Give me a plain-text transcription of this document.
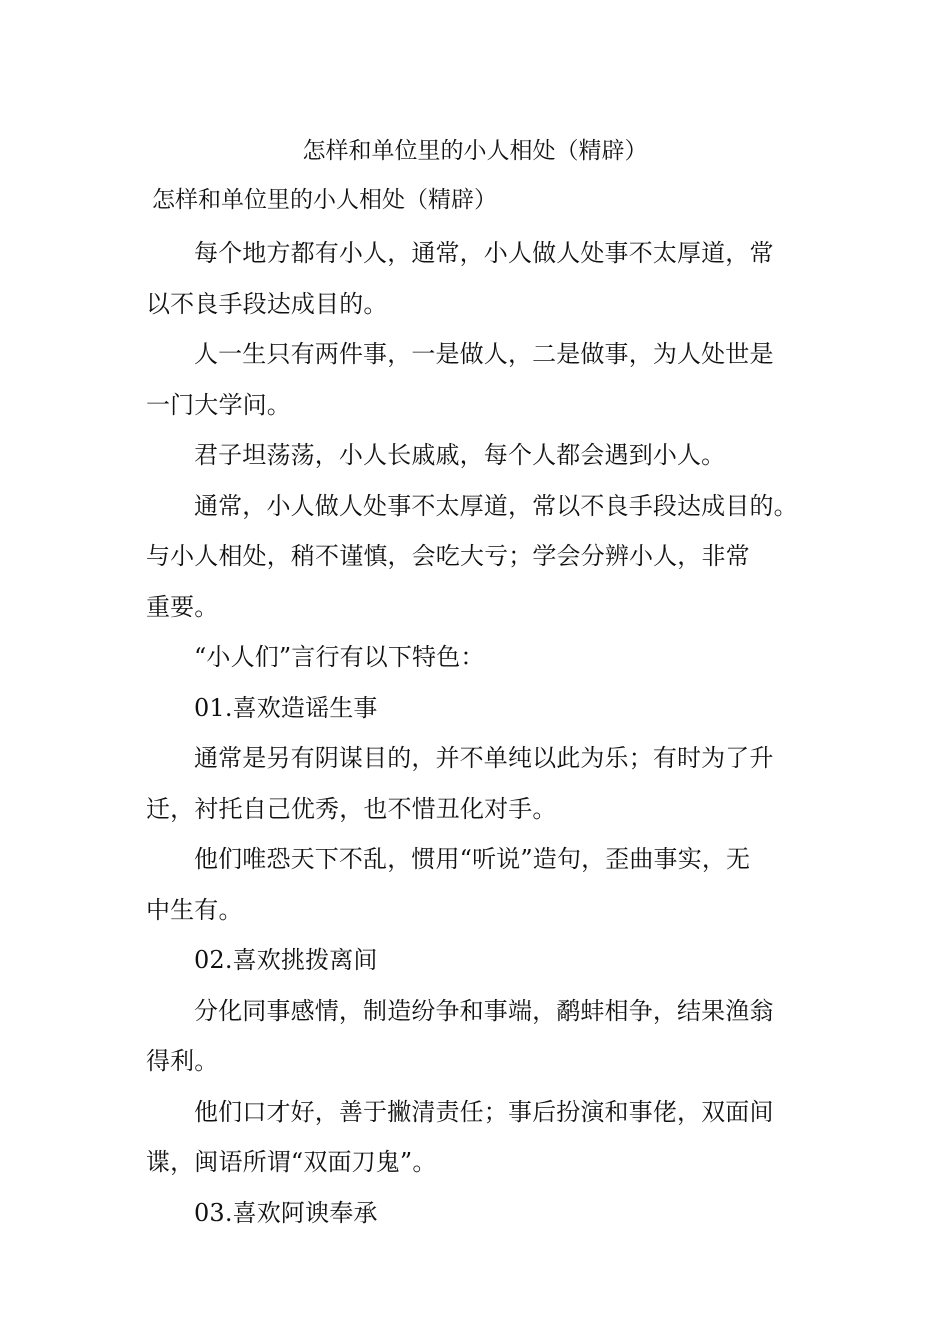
怎样和单位里的小人相处（精辟）

怎样和单位里的小人相处（精辟）

每个地方都有小人，通常，小人做人处事不太厚道，常
以不良手段达成目的。
人一生只有两件事，一是做人，二是做事，为人处世是
一门大学问。
君子坦荡荡，小人长戚戚，每个人都会遇到小人。
通常，小人做人处事不太厚道，常以不良手段达成目的。
与小人相处，稍不谨慎，会吃大亏；学会分辨小人，非常
重要。
“小人们”言行有以下特色：
01.喜欢造谣生事
通常是另有阴谋目的，并不单纯以此为乐；有时为了升
迁，衬托自己优秀，也不惜丑化对手。
他们唯恐天下不乱，惯用“听说”造句，歪曲事实，无
中生有。
02.喜欢挑拨离间
分化同事感情，制造纷争和事端，鹬蚌相争，结果渔翁
得利。
他们口才好，善于撇清责任；事后扮演和事佬，双面间
谍，闽语所谓“双面刀鬼”。
03.喜欢阿谀奉承
